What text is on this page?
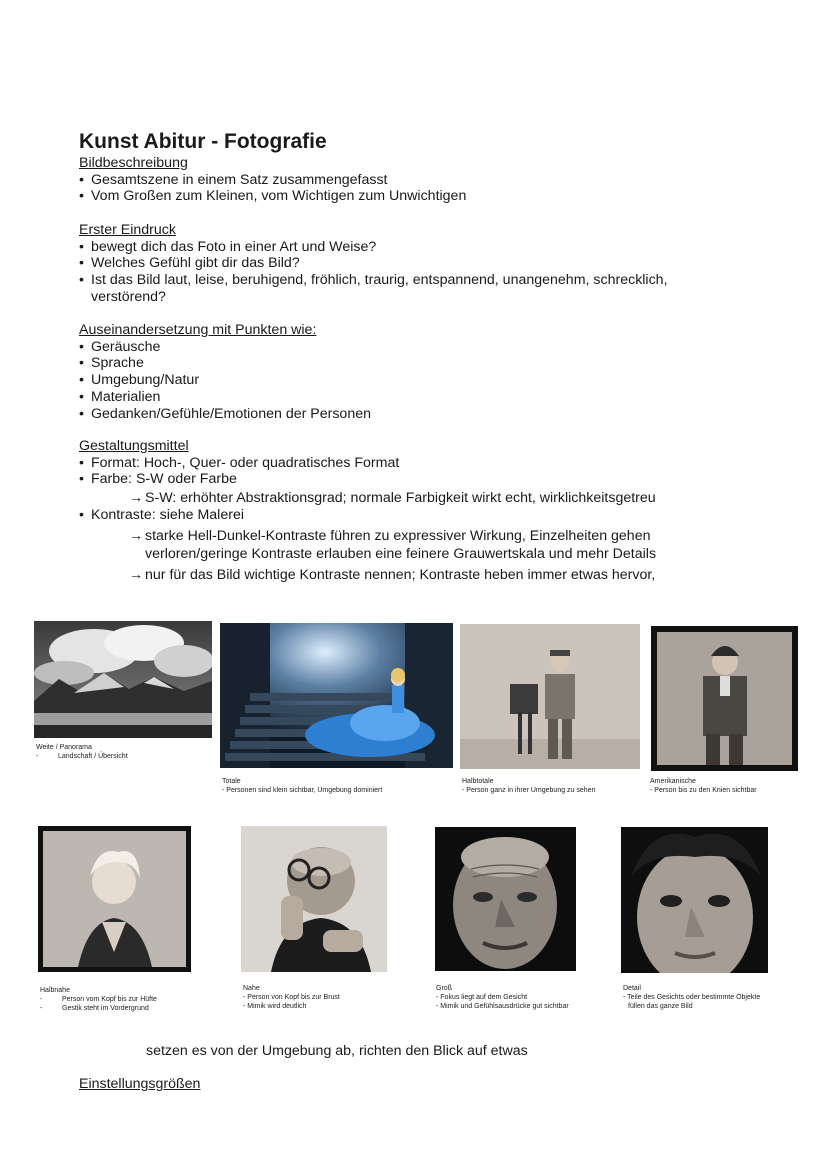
Kunst Abitur - Fotografie
Bildbeschreibung
• Gesamtszene in einem Satz zusammengefasst
• Vom Großen zum Kleinen, vom Wichtigen zum Unwichtigen
Erster Eindruck
• bewegt dich das Foto in einer Art und Weise?
• Welches Gefühl gibt dir das Bild?
• Ist das Bild laut, leise, beruhigend, fröhlich, traurig, entspannend, unangenehm, schrecklich,
verstörend?
Auseinandersetzung mit Punkten wie:
• Geräusche
• Sprache
• Umgebung/Natur
• Materialien
• Gedanken/Gefühle/Emotionen der Personen
Gestaltungsmittel
• Format: Hoch-, Quer- oder quadratisches Format
• Farbe: S-W oder Farbe
→ S-W: erhöhter Abstraktionsgrad; normale Farbigkeit wirkt echt, wirklichkeitsgetreu
• Kontraste: siehe Malerei
→ starke Hell-Dunkel-Kontraste führen zu expressiver Wirkung, Einzelheiten gehen
verloren/geringe Kontraste erlauben eine feinere Grauwertskala und mehr Details
→ nur für das Bild wichtige Kontraste nennen; Kontraste heben immer etwas hervor,
Weite / Panorama
-	Landschaft / Übersicht
Totale
- Personen sind klein sichtbar, Umgebung dominiert
Halbtotale
- Person ganz in ihrer Umgebung zu sehen
Amerikanische
- Person bis zu den Knien sichtbar
Halbnahe
-	Person vom Kopf bis zur Hüfte
-	Gestik steht im Vordergrund
Nahe
- Person von Kopf bis zur Brust
- Mimik wird deutlich
Groß
- Fokus liegt auf dem Gesicht
- Mimik und Gefühlsausdrücke gut sichtbar
Detail
- Teile des Gesichts oder bestimmte Objekte
füllen das ganze Bild
setzen es von der Umgebung ab, richten den Blick auf etwas
Einstellungsgrößen
